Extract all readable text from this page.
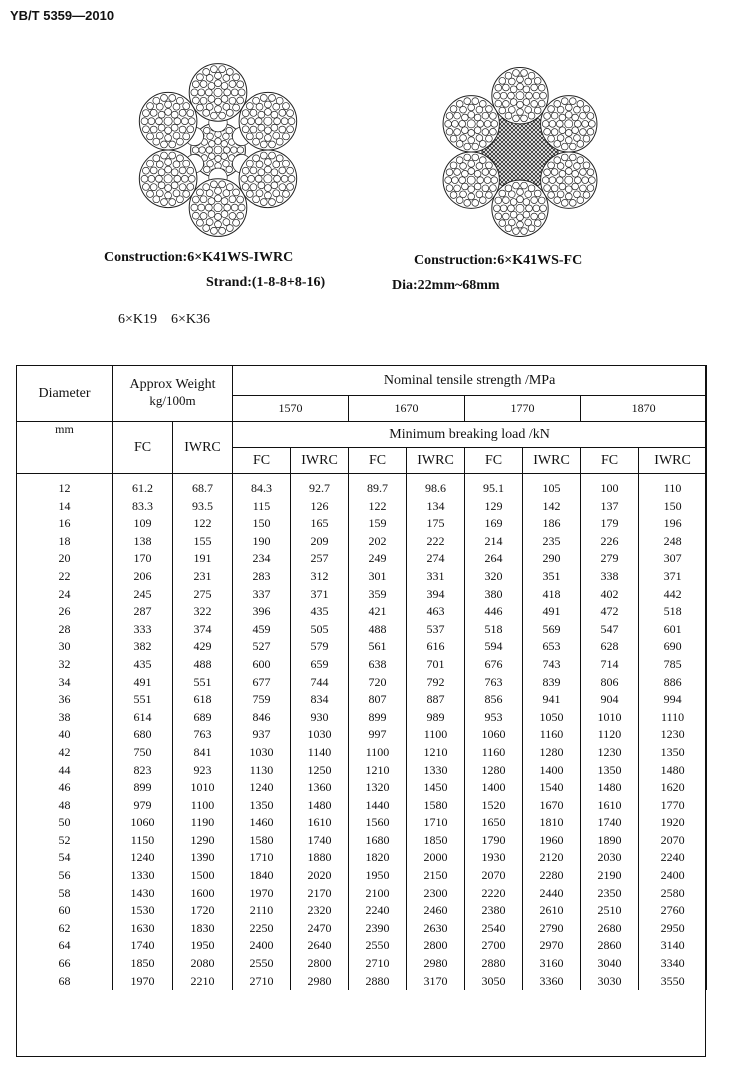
YB/T 5359—2010
Construction:6×K41WS-IWRC
Strand:(1-8-8+8-16)
Construction:6×K41WS-FC
Dia:22mm~68mm
6×K19    6×K36
Diameter	Approx Weight
kg/100m		Nominal tensile strength /MPa							
			1570		1670		1770		1870	
mm	FC	IWRC	Minimum breaking load /kN							
			FC	IWRC	FC	IWRC	FC	IWRC	FC	IWRC
12	61.2	68.7	84.3	92.7	89.7	98.6	95.1	105	100	110
14	83.3	93.5	115	126	122	134	129	142	137	150
16	109	122	150	165	159	175	169	186	179	196
18	138	155	190	209	202	222	214	235	226	248
20	170	191	234	257	249	274	264	290	279	307
22	206	231	283	312	301	331	320	351	338	371
24	245	275	337	371	359	394	380	418	402	442
26	287	322	396	435	421	463	446	491	472	518
28	333	374	459	505	488	537	518	569	547	601
30	382	429	527	579	561	616	594	653	628	690
32	435	488	600	659	638	701	676	743	714	785
34	491	551	677	744	720	792	763	839	806	886
36	551	618	759	834	807	887	856	941	904	994
38	614	689	846	930	899	989	953	1050	1010	1110
40	680	763	937	1030	997	1100	1060	1160	1120	1230
42	750	841	1030	1140	1100	1210	1160	1280	1230	1350
44	823	923	1130	1250	1210	1330	1280	1400	1350	1480
46	899	1010	1240	1360	1320	1450	1400	1540	1480	1620
48	979	1100	1350	1480	1440	1580	1520	1670	1610	1770
50	1060	1190	1460	1610	1560	1710	1650	1810	1740	1920
52	1150	1290	1580	1740	1680	1850	1790	1960	1890	2070
54	1240	1390	1710	1880	1820	2000	1930	2120	2030	2240
56	1330	1500	1840	2020	1950	2150	2070	2280	2190	2400
58	1430	1600	1970	2170	2100	2300	2220	2440	2350	2580
60	1530	1720	2110	2320	2240	2460	2380	2610	2510	2760
62	1630	1830	2250	2470	2390	2630	2540	2790	2680	2950
64	1740	1950	2400	2640	2550	2800	2700	2970	2860	3140
66	1850	2080	2550	2800	2710	2980	2880	3160	3040	3340
68	1970	2210	2710	2980	2880	3170	3050	3360	3030	3550
